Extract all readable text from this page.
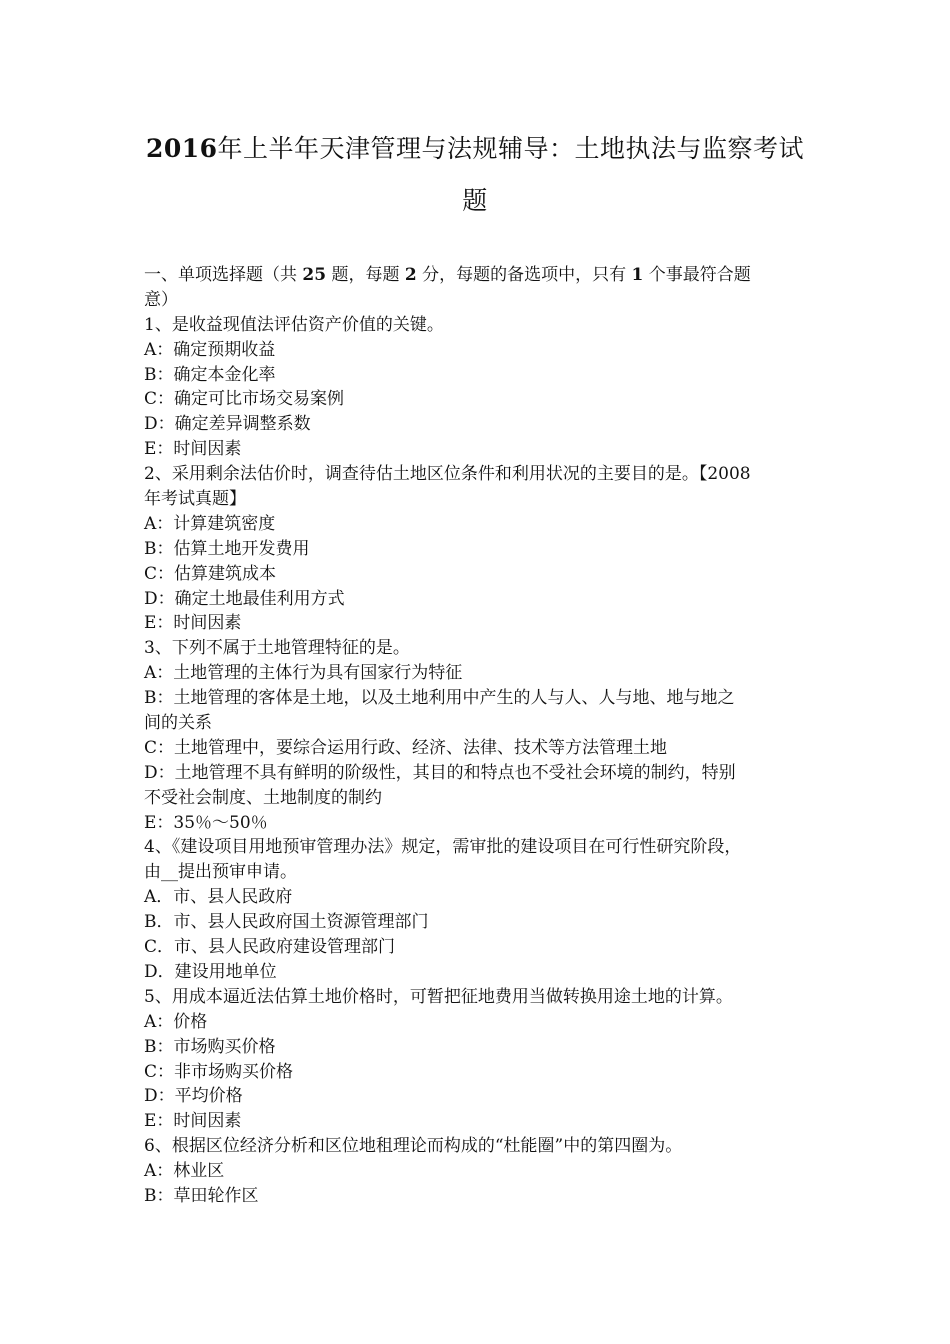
2016年上半年天津管理与法规辅导：土地执法与监察考试
题
一、单项选择题（共 25 题，每题 2 分，每题的备选项中，只有 1 个事最符合题
意）
1、是收益现值法评估资产价值的关键。
A：确定预期收益
B：确定本金化率
C：确定可比市场交易案例
D：确定差异调整系数
E：时间因素
2、采用剩余法估价时，调查待估土地区位条件和利用状况的主要目的是。【2008
年考试真题】
A：计算建筑密度
B：估算土地开发费用
C：估算建筑成本
D：确定土地最佳利用方式
E：时间因素
3、下列不属于土地管理特征的是。
A：土地管理的主体行为具有国家行为特征
B：土地管理的客体是土地，以及土地利用中产生的人与人、人与地、地与地之
间的关系
C：土地管理中，要综合运用行政、经济、法律、技术等方法管理土地
D：土地管理不具有鲜明的阶级性，其目的和特点也不受社会环境的制约，特别
不受社会制度、土地制度的制约
E：35％～50％
4、《建设项目用地预审管理办法》规定，需审批的建设项目在可行性研究阶段，
由__提出预审申请。
A．市、县人民政府
B．市、县人民政府国土资源管理部门
C．市、县人民政府建设管理部门
D．建设用地单位
5、用成本逼近法估算土地价格时，可暂把征地费用当做转换用途土地的计算。
A：价格
B：市场购买价格
C：非市场购买价格
D：平均价格
E：时间因素
6、根据区位经济分析和区位地租理论而构成的“杜能圈”中的第四圈为。
A：林业区
B：草田轮作区
